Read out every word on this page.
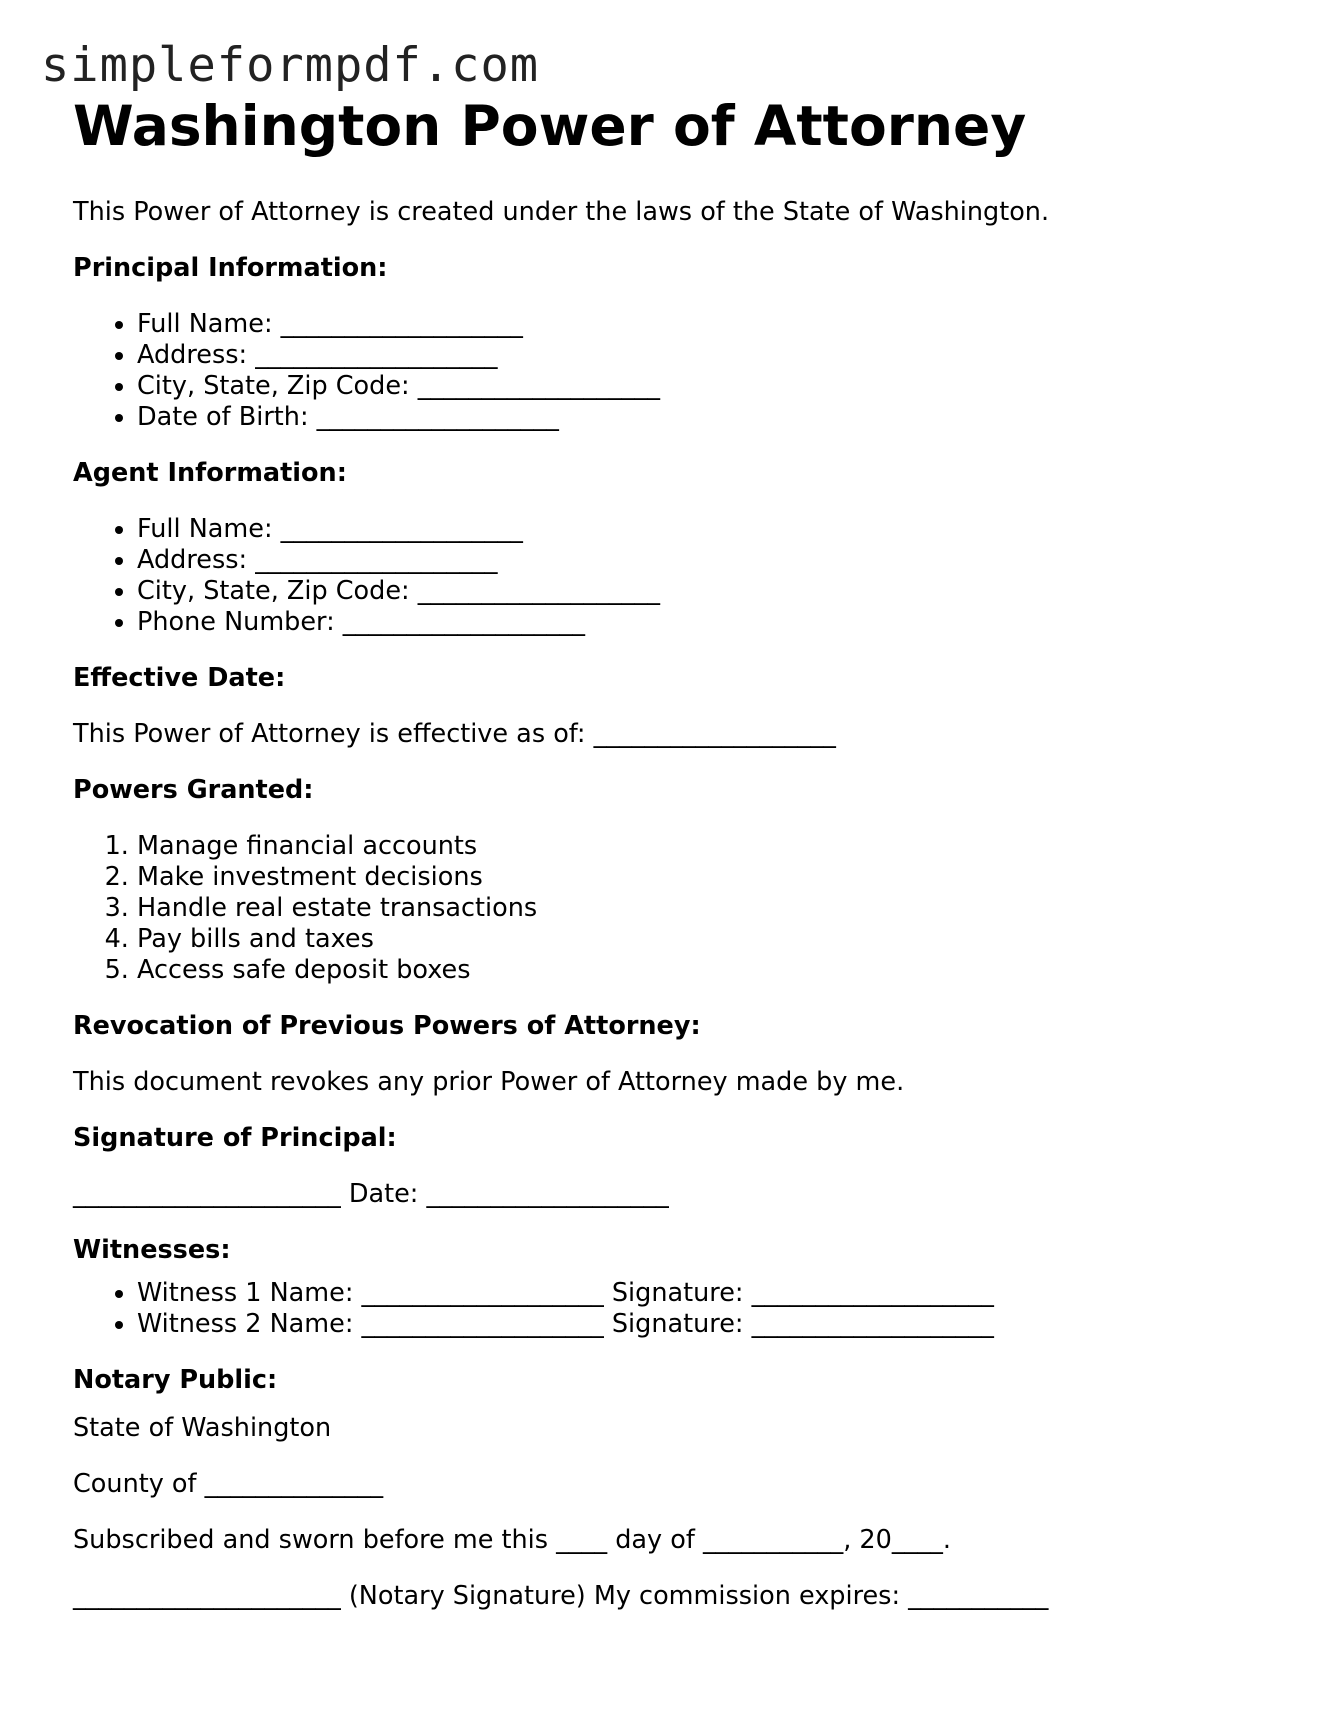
simpleformpdf.com
Washington Power of Attorney

This Power of Attorney is created under the laws of the State of Washington.

Principal Information:

• Full Name: ___________________
• Address: ___________________
• City, State, Zip Code: ___________________
• Date of Birth: ___________________

Agent Information:

• Full Name: ___________________
• Address: ___________________
• City, State, Zip Code: ___________________
• Phone Number: ___________________

Effective Date:

This Power of Attorney is effective as of: ___________________

Powers Granted:

1. Manage financial accounts
2. Make investment decisions
3. Handle real estate transactions
4. Pay bills and taxes
5. Access safe deposit boxes

Revocation of Previous Powers of Attorney:

This document revokes any prior Power of Attorney made by me.

Signature of Principal:

_____________________ Date: ___________________

Witnesses:

• Witness 1 Name: ___________________ Signature: ___________________
• Witness 2 Name: ___________________ Signature: ___________________

Notary Public:

State of Washington

County of ______________

Subscribed and sworn before me this ____ day of ___________, 20____.

_____________________ (Notary Signature) My commission expires: ___________
